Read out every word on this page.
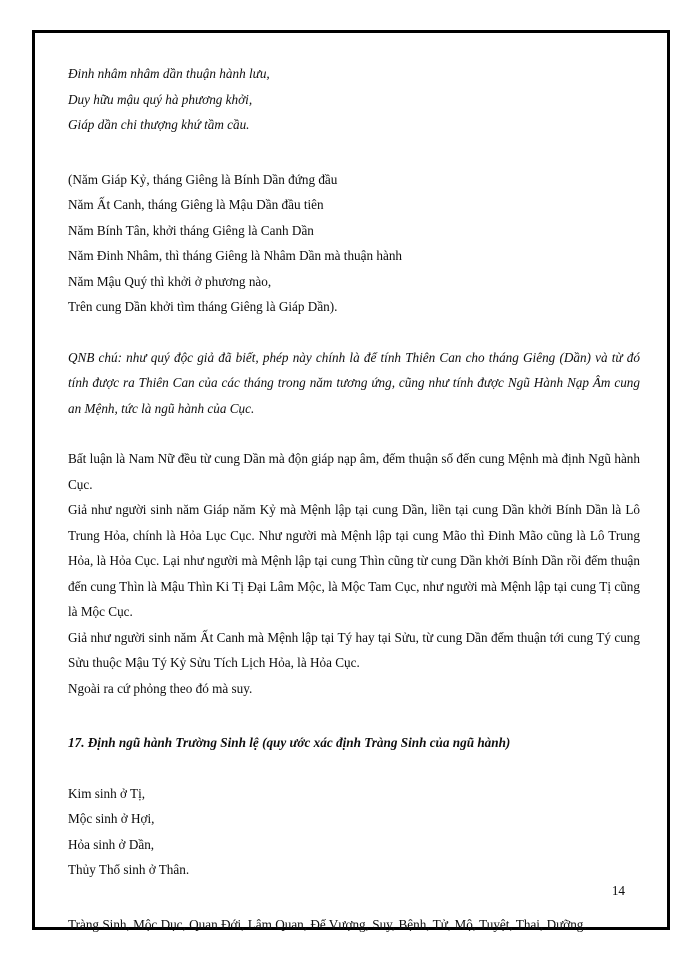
Đinh nhâm nhâm dần thuận hành lưu,
Duy hữu mậu quý hà phương khởi,
Giáp dần chi thượng khứ tầm cầu.
(Năm Giáp Kỷ, tháng Giêng là Bính Dần đứng đầu
Năm Ất Canh, tháng Giêng là Mậu Dần đầu tiên
Năm Bính Tân, khởi tháng Giêng là Canh Dần
Năm Đinh Nhâm, thì tháng Giêng là Nhâm Dần mà thuận hành
Năm Mậu Quý thì khởi ở phương nào,
Trên cung Dần khởi tìm tháng Giêng là Giáp Dần).

QNB chú: như quý độc giả đã biết, phép này chính là để tính Thiên Can cho tháng Giêng (Dần) và từ đó tính được ra Thiên Can của các tháng trong năm tương ứng, cũng như tính được Ngũ Hành Nạp Âm cung an Mệnh, tức là ngũ hành của Cục.

Bất luận là Nam Nữ đều từ cung Dần mà độn giáp nạp âm, đếm thuận số đến cung Mệnh mà định Ngũ hành Cục.

Giả như người sinh năm Giáp năm Kỷ mà Mệnh lập tại cung Dần, liền tại cung Dần khởi Bính Dần là Lô Trung Hỏa, chính là Hỏa Lục Cục. Như người mà Mệnh lập tại cung Mão thì Đinh Mão cũng là Lô Trung Hỏa, là Hỏa Cục. Lại như người mà Mệnh lập tại cung Thìn cũng từ cung Dần khởi Bính Dần rồi đếm thuận đến cung Thìn là Mậu Thìn Ki Tị Đại Lâm Mộc, là Mộc Tam Cục, như người mà Mệnh lập tại cung Tị cũng là Mộc Cục.

Giả như người sinh năm Ất Canh mà Mệnh lập tại Tý hay tại Sửu, từ cung Dần đếm thuận tới cung Tý cung Sửu thuộc Mậu Tý Kỷ Sửu Tích Lịch Hỏa, là Hỏa Cục.

Ngoài ra cứ phỏng theo đó mà suy.

17. Định ngũ hành Trường Sinh lệ (quy ước xác định Tràng Sinh của ngũ hành)
Kim sinh ở Tị,
Mộc sinh ở Hợi,
Hỏa sinh ở Dần,
Thủy Thổ sinh ở Thân.
Tràng Sinh, Mộc Dục, Quan Đới, Lâm Quan, Đế Vượng, Suy, Bệnh, Tử, Mộ, Tuyệt, Thai, Dưỡng.
14
